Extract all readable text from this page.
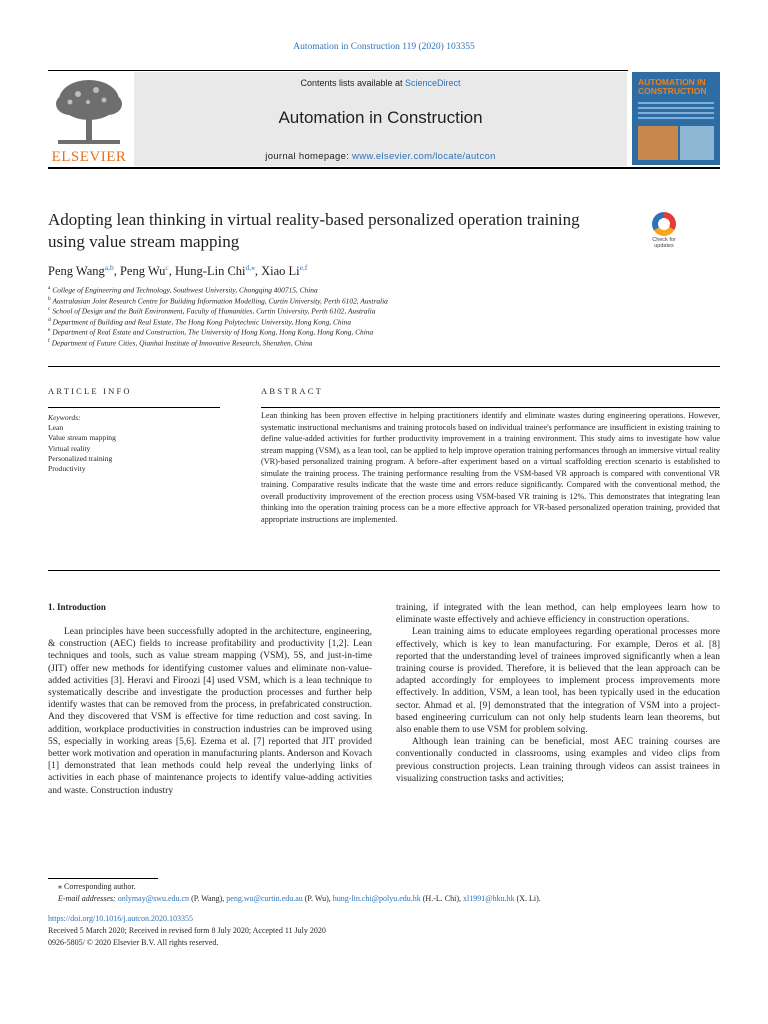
Automation in Construction 119 (2020) 103355
ELSEVIER
Contents lists available at ScienceDirect
Automation in Construction
journal homepage: www.elsevier.com/locate/autcon
AUTOMATION IN CONSTRUCTION
Adopting lean thinking in virtual reality-based personalized operation training using value stream mapping	Check for updates
Peng Wang$^{a,b}$, Peng Wu$^c$, Hung-Lin Chi$^{d,⁎}$, Xiao Li$^{e,f}$
$^a$ College of Engineering and Technology, Southwest University, Chongqing 400715, China
$^b$ Australasian Joint Research Centre for Building Information Modelling, Curtin University, Perth 6102, Australia
$^c$ School of Design and the Built Environment, Faculty of Humanities, Curtin University, Perth 6102, Australia
$^d$ Department of Building and Real Estate, The Hong Kong Polytechnic University, Hong Kong, China
$^e$ Department of Real Estate and Construction, The University of Hong Kong, Hong Kong, Hong Kong, China
$^f$ Department of Future Cities, Qianhai Institute of Innovative Research, Shenzhen, China
ARTICLE INFO	ABSTRACT
Keywords:
Lean
Value stream mapping
Virtual reality
Personalized training
Productivity
Lean thinking has been proven effective in helping practitioners identify and eliminate wastes during engineering operations. However, systematic instructional mechanisms and training protocols based on individual trainee's performance are insufficient in existing training to define value-added activities for further productivity improvement in a training environment. This study aims to investigate how value stream mapping (VSM), as a lean tool, can be applied to help improve operation training performances through an immersive virtual reality (VR)-based personalized training program. A before–after experiment based on a virtual scaffolding erection scenario is established to simulate the training process. The training performance resulting from the VSM-based VR approach is compared with conventional VR training. Comparative results indicate that the waste time and errors reduce significantly. Compared with the conventional method, the overall productivity improvement of the erection process using VSM-based VR training is 12%. This demonstrates that integrating lean thinking into the operation training process can be a more effective approach for VR-based personalized operation training, provided that appropriate instructions are implemented.
1. Introduction

Lean principles have been successfully adopted in the architecture, engineering, & construction (AEC) fields to increase profitability and productivity [1,2]. Lean techniques and tools, such as value stream mapping (VSM), 5S, and just-in-time (JIT) offer new methods for identifying customer values and eliminate non-value-added activities [3]. Heravi and Firoozi [4] used VSM, which is a lean technique to systematically describe and investigate the production processes and further help identify wastes that can be removed from the process, in prefabricated construction. And they discovered that VSM is effective for time reduction and cost saving. In addition, workplace productivities in construction industries can be improved using 5S, especially in working areas [5,6]. Ezema et al. [7] reported that JIT provided better work motivation and operation in manufacturing plants. Anderson and Kovach [1] demonstrated that lean methods could help reveal the underlying links of activities in each phase of maintenance projects to identify value-adding activities and waste. Construction industry

training, if integrated with the lean method, can help employees learn how to eliminate waste effectively and achieve efficiency in construction operations.

Lean training aims to educate employees regarding operational processes more effectively, which is key to lean manufacturing. For example, Deros et al. [8] reported that the understanding level of trainees improved significantly when a lean training course is provided. Therefore, it is believed that the lean approach can be adapted accordingly for employees to implement process improvements more effectively. In addition, VSM, a lean tool, has been typically used in the education sector. Ahmad et al. [9] demonstrated that the integration of VSM into a project-based engineering curriculum can not only help students learn lean theorems, but also enable them to use VSM for problem solving.

Although lean training can be beneficial, most AEC training courses are conventionally conducted in classrooms, using examples and video clips from previous construction projects. Lean training through videos can assist trainees in visualizing construction tasks and activities;

⁎ Corresponding author.
E-mail addresses: onlymay@swu.edu.cn (P. Wang), peng.wu@curtin.edu.au (P. Wu), hung-lin.chi@polyu.edu.hk (H.-L. Chi), xl1991@hku.hk (X. Li).
https://doi.org/10.1016/j.autcon.2020.103355
Received 5 March 2020; Received in revised form 8 July 2020; Accepted 11 July 2020
0926-5805/ © 2020 Elsevier B.V. All rights reserved.
